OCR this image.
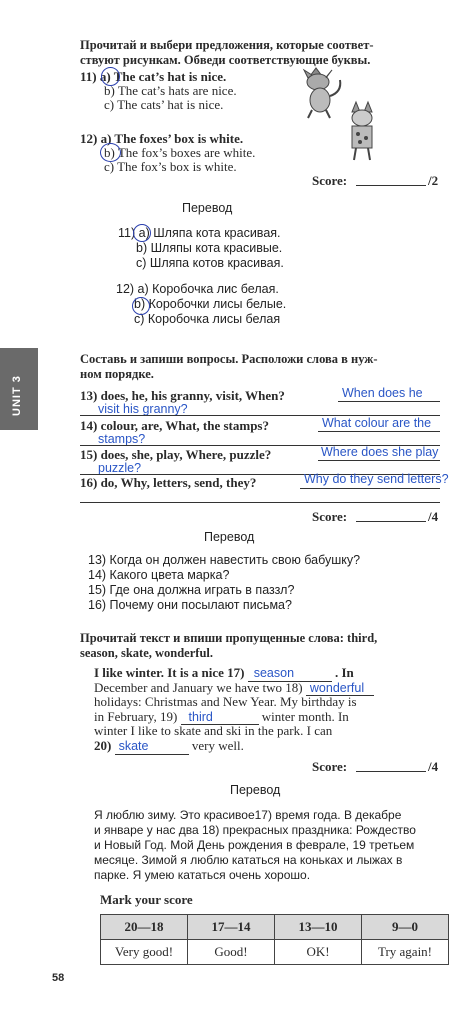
Прочитай и выбери предложения, которые соответ-
ствуют рисункам. Обведи соответствующие буквы.
11) a) The cat’s hat is nice.
b) The cat’s hats are nice.
c) The cats’ hat is nice.
12) a) The foxes’ box is white.
b) The fox’s boxes are white.
c) The fox’s box is white.
Score:	/2
Перевод
11) а) Шляпа кота красивая.
b) Шляпы кота красивые.
c) Шляпа котов красивая.
12) a) Коробочка лис белая.
b) Коробочки лисы белые.
c) Коробочка лисы белая
UNIT 3
Составь и запиши вопросы. Расположи слова в нуж-
ном порядке.
13) does, he, his granny, visit, When?	When does he
visit his granny?
14) colour, are, What, the stamps?	What colour are the
stamps?
15) does, she, play, Where, puzzle?	Where does she play
puzzle?
16) do, Why, letters, send, they?	Why do they send letters?
Score:	/4
Перевод
13) Когда он должен навестить свою бабушку?
14) Какого цвета марка?
15) Где она должна играть в паззл?
16) Почему они посылают письма?
Прочитай текст и впиши пропущенные слова: third,
season, skate, wonderful.
I like winter. It is a nice 17) season	. In
December and January we have two 18) wonderful
holidays: Christmas and New Year. My birthday is
in February, 19) third	winter month. In
winter I like to skate and ski in the park. I can
20) skate	very well.
Score:	/4
Перевод
Я люблю зиму. Это красивое17) время года. В декабре
и январе у нас два 18) прекрасных праздника: Рождество
и Новый Год. Мой День рождения в феврале, 19 третьем
месяце. Зимой я люблю кататься на коньках и лыжах в
парке. Я умею кататься очень хорошо.
Mark your score
20—18	17—14	13—10	9—0
Very good!	Good!	OK!	Try again!
58
